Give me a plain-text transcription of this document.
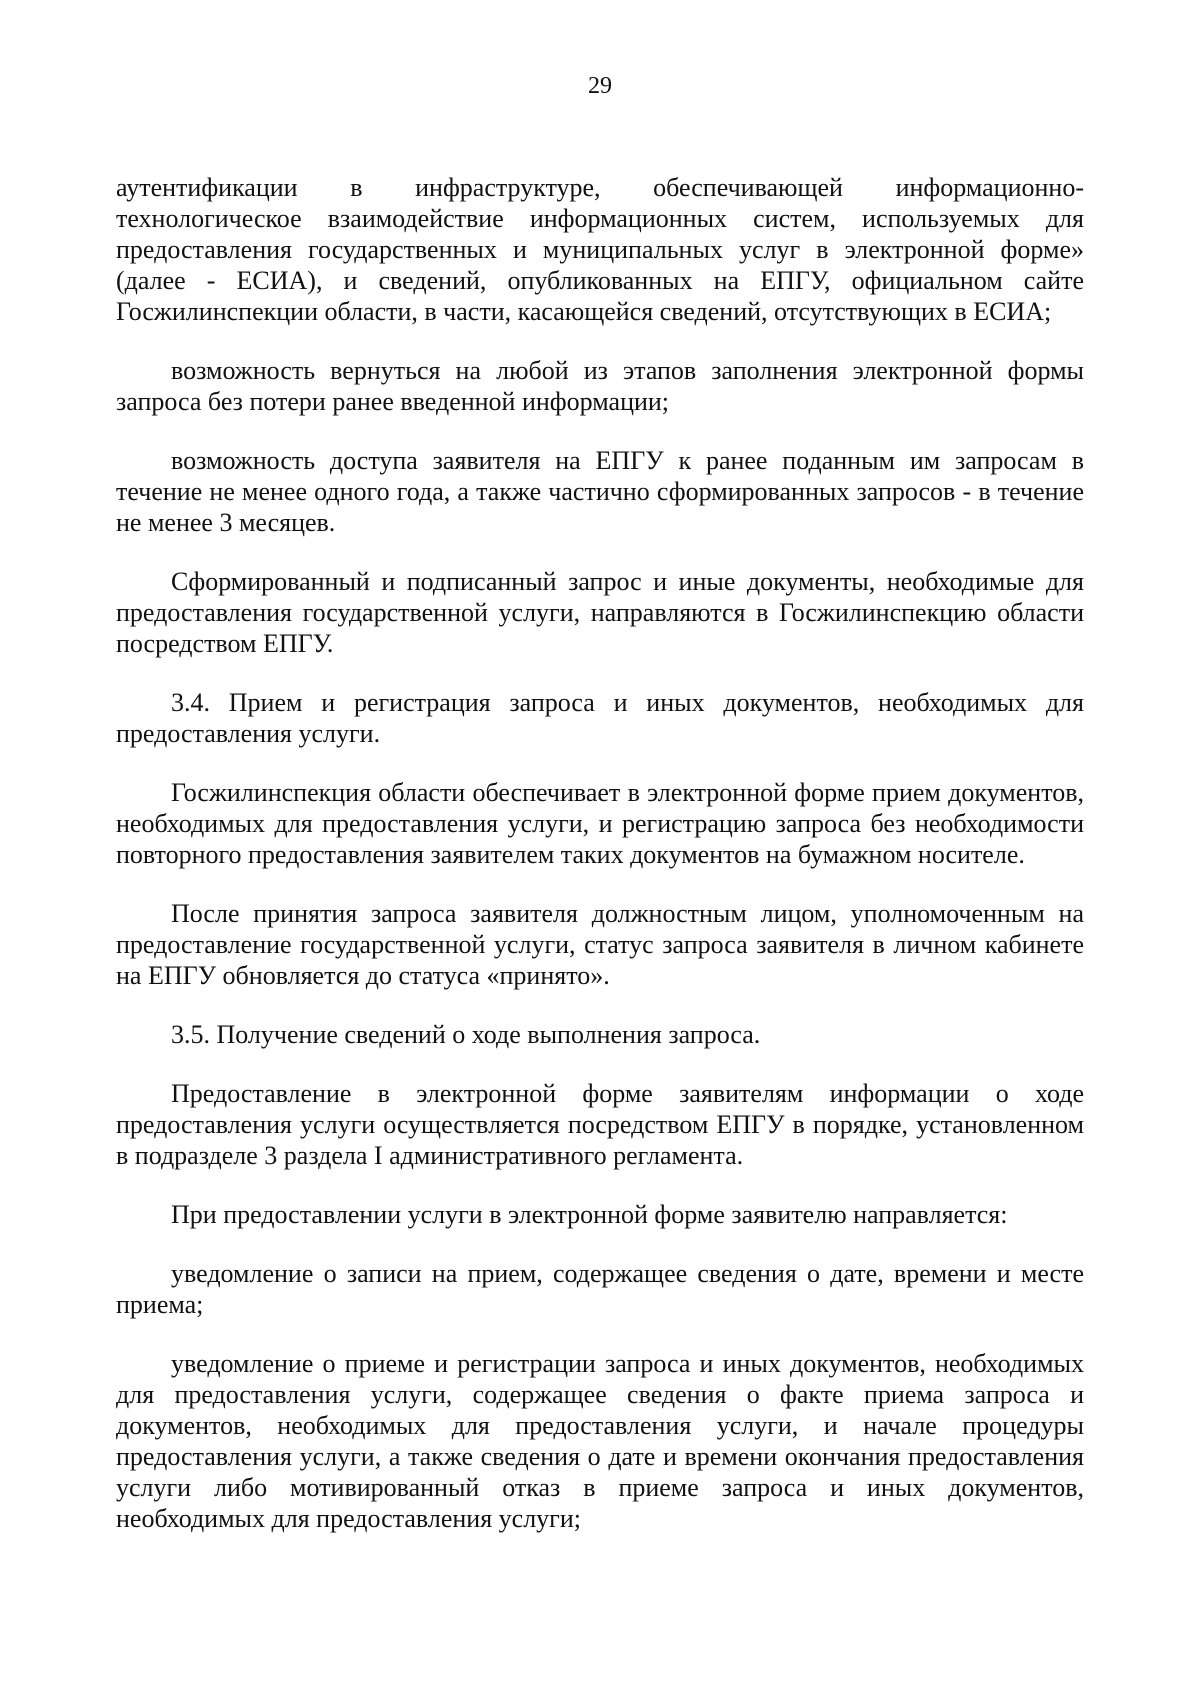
29

аутентификации в инфраструктуре, обеспечивающей информационно-технологическое взаимодействие информационных систем, используемых для предоставления государственных и муниципальных услуг в электронной форме» (далее - ЕСИА), и сведений, опубликованных на ЕПГУ, официальном сайте Госжилинспекции области, в части, касающейся сведений, отсутствующих в ЕСИА;

возможность вернуться на любой из этапов заполнения электронной формы запроса без потери ранее введенной информации;

возможность доступа заявителя на ЕПГУ к ранее поданным им запросам в течение не менее одного года, а также частично сформированных запросов - в течение не менее 3 месяцев.

Сформированный и подписанный запрос и иные документы, необходимые для предоставления государственной услуги, направляются в Госжилинспекцию области посредством ЕПГУ.

3.4. Прием и регистрация запроса и иных документов, необходимых для предоставления услуги.

Госжилинспекция области обеспечивает в электронной форме прием документов, необходимых для предоставления услуги, и регистрацию запроса без необходимости повторного предоставления заявителем таких документов на бумажном носителе.

После принятия запроса заявителя должностным лицом, уполномоченным на предоставление государственной услуги, статус запроса заявителя в личном кабинете на ЕПГУ обновляется до статуса «принято».

3.5. Получение сведений о ходе выполнения запроса.

Предоставление в электронной форме заявителям информации о ходе предоставления услуги осуществляется посредством ЕПГУ в порядке, установленном в подразделе 3 раздела I административного регламента.

При предоставлении услуги в электронной форме заявителю направляется:

уведомление о записи на прием, содержащее сведения о дате, времени и месте приема;

уведомление о приеме и регистрации запроса и иных документов, необходимых для предоставления услуги, содержащее сведения о факте приема запроса и документов, необходимых для предоставления услуги, и начале процедуры предоставления услуги, а также сведения о дате и времени окончания предоставления услуги либо мотивированный отказ в приеме запроса и иных документов, необходимых для предоставления услуги;
